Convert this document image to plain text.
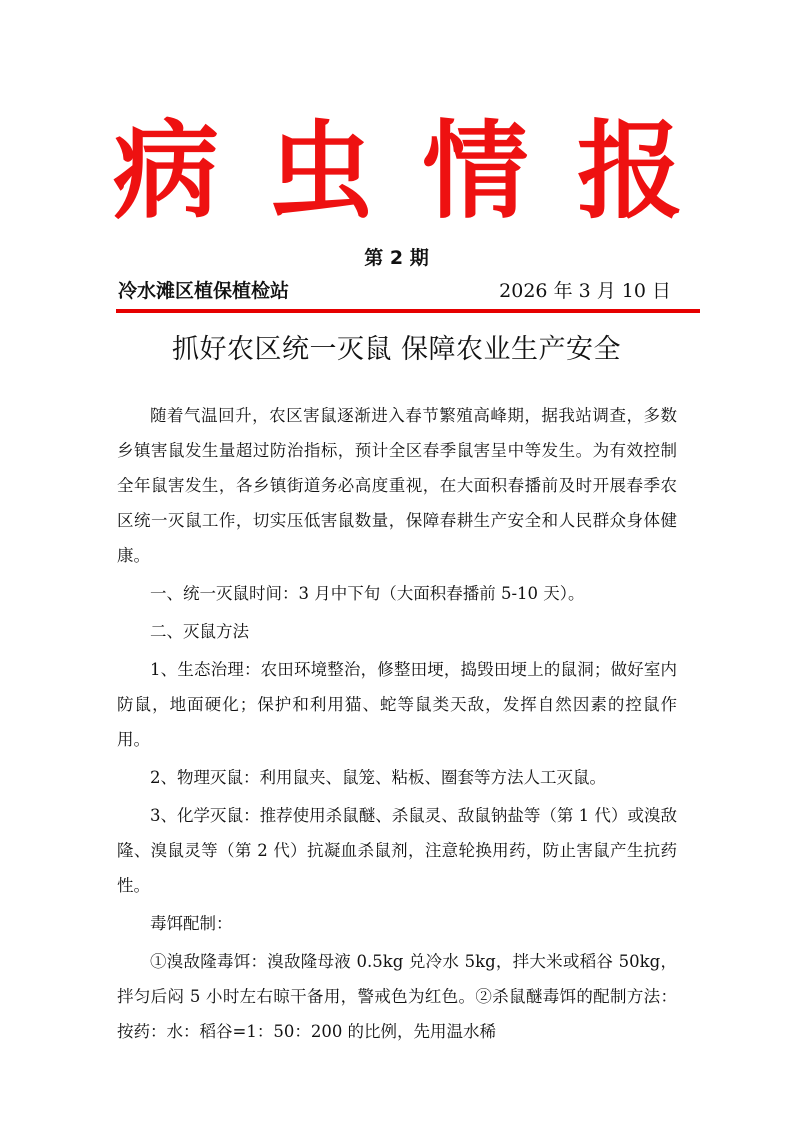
病 虫 情 报
第 2 期
冷水滩区植保植检站	2026 年 3 月 10 日
抓好农区统一灭鼠 保障农业生产安全

随着气温回升，农区害鼠逐渐进入春节繁殖高峰期，据我站调查，多数乡镇害鼠发生量超过防治指标，预计全区春季鼠害呈中等发生。为有效控制全年鼠害发生，各乡镇街道务必高度重视，在大面积春播前及时开展春季农区统一灭鼠工作，切实压低害鼠数量，保障春耕生产安全和人民群众身体健康。

一、统一灭鼠时间：3 月中下旬（大面积春播前 5-10 天）。

二、灭鼠方法

1、生态治理：农田环境整治，修整田埂，捣毁田埂上的鼠洞；做好室内防鼠，地面硬化；保护和利用猫、蛇等鼠类天敌，发挥自然因素的控鼠作用。

2、物理灭鼠：利用鼠夹、鼠笼、粘板、圈套等方法人工灭鼠。

3、化学灭鼠：推荐使用杀鼠醚、杀鼠灵、敌鼠钠盐等（第 1 代）或溴敌隆、溴鼠灵等（第 2 代）抗凝血杀鼠剂，注意轮换用药，防止害鼠产生抗药性。

毒饵配制：

①溴敌隆毒饵：溴敌隆母液 0.5kg 兑冷水 5kg，拌大米或稻谷 50kg，拌匀后闷 5 小时左右晾干备用，警戒色为红色。②杀鼠醚毒饵的配制方法：按药：水：稻谷=1：50：200 的比例，先用温水稀
